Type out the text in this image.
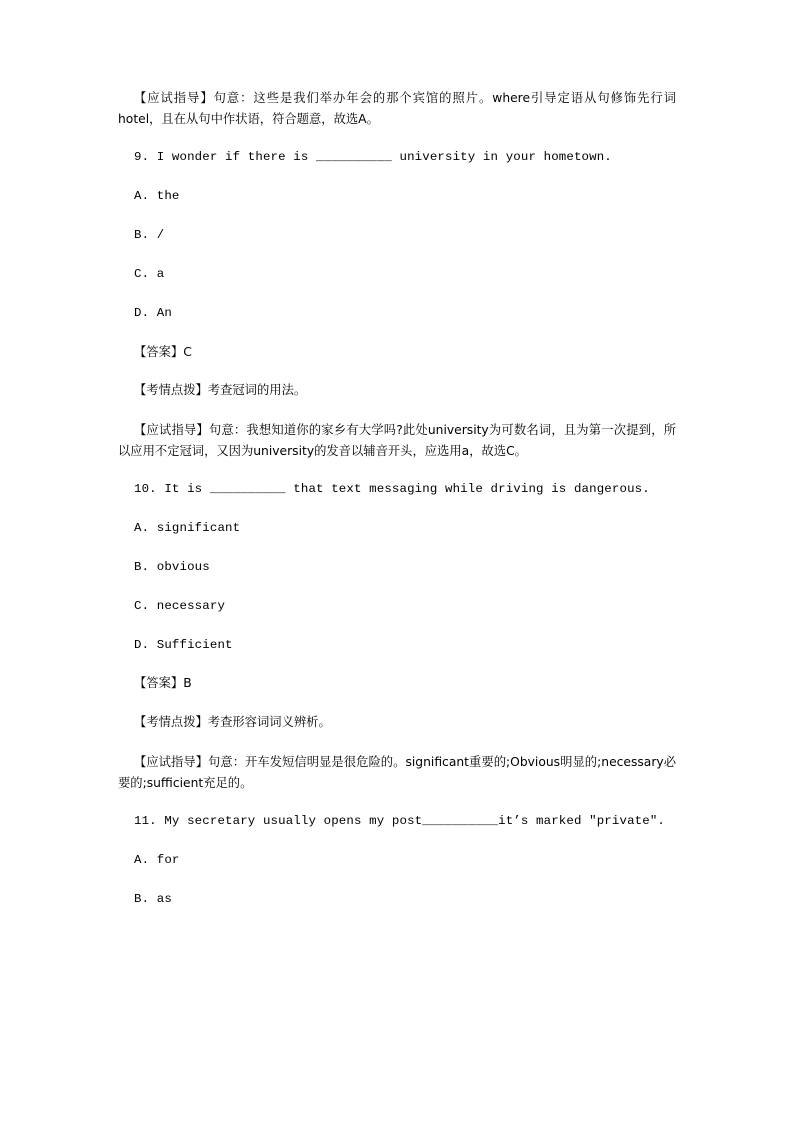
【应试指导】句意：这些是我们举办年会的那个宾馆的照片。where引导定语从句修饰先行词hotel，且在从句中作状语，符合题意，故选A。

9. I wonder if there is __________ university in your hometown.

A. the

B. /

C. a

D. An

【答案】C

【考情点拨】考查冠词的用法。

【应试指导】句意：我想知道你的家乡有大学吗?此处university为可数名词，且为第一次提到，所以应用不定冠词，又因为university的发音以辅音开头，应选用a，故选C。

10. It is __________ that text messaging while driving is dangerous.

A. significant

B. obvious

C. necessary

D. Sufficient

【答案】B

【考情点拨】考查形容词词义辨析。

【应试指导】句意：开车发短信明显是很危险的。significant重要的;Obvious明显的;necessary必要的;sufficient充足的。

11. My secretary usually opens my post__________it’s marked ″private″.

A. for

B. as
